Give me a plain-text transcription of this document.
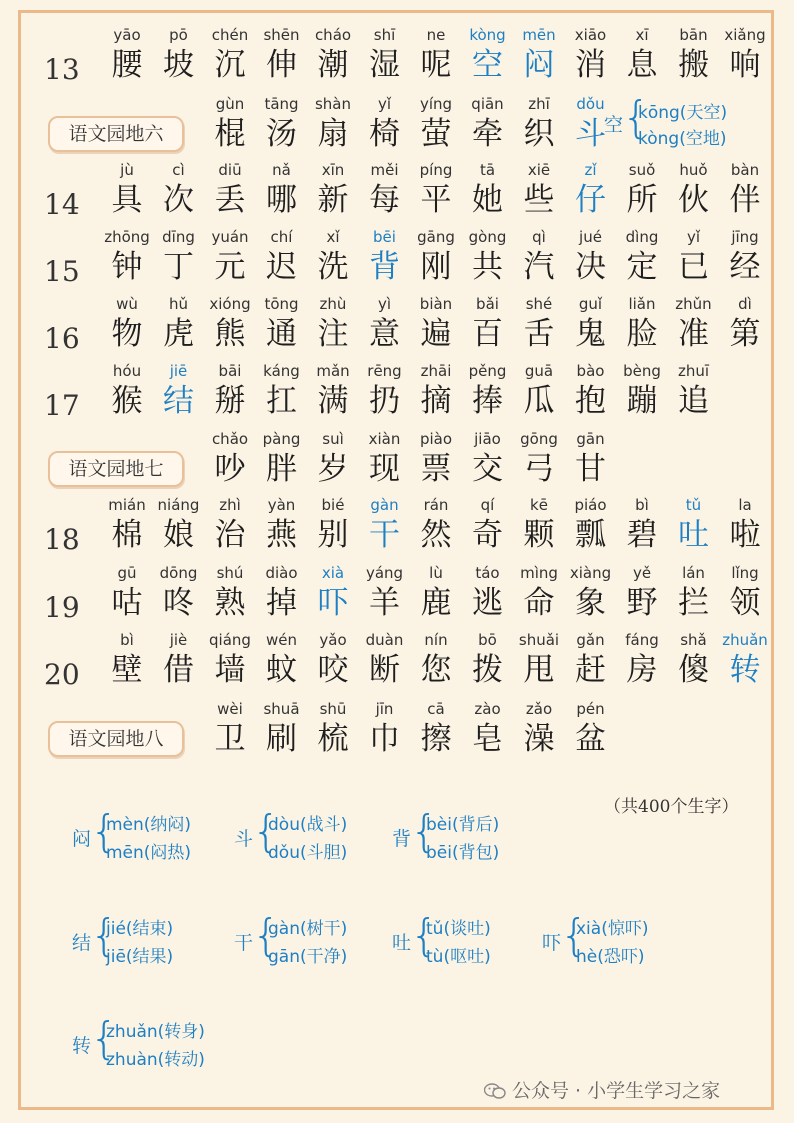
13
yāo
腰
pō
坡
chén
沉
shēn
伸
cháo
潮
shī
湿
ne
呢
kòng
空
mēn
闷
xiāo
消
xī
息
bān
搬
xiǎng
响
语文园地六
gùn
棍
tāng
汤
shàn
扇
yǐ
椅
yíng
萤
qiān
牵
zhī
织
dǒu
斗
14
jù
具
cì
次
diū
丢
nǎ
哪
xīn
新
měi
每
píng
平
tā
她
xiē
些
zǐ
仔
suǒ
所
huǒ
伙
bàn
伴
15
zhōng
钟
dīng
丁
yuán
元
chí
迟
xǐ
洗
bēi
背
gāng
刚
gòng
共
qì
汽
jué
决
dìng
定
yǐ
已
jīng
经
16
wù
物
hǔ
虎
xióng
熊
tōng
通
zhù
注
yì
意
biàn
遍
bǎi
百
shé
舌
guǐ
鬼
liǎn
脸
zhǔn
准
dì
第
17
hóu
猴
jiē
结
bāi
掰
káng
扛
mǎn
满
rēng
扔
zhāi
摘
pěng
捧
guā
瓜
bào
抱
bèng
蹦
zhuī
追
语文园地七
chǎo
吵
pàng
胖
suì
岁
xiàn
现
piào
票
jiāo
交
gōng
弓
gān
甘
18
mián
棉
niáng
娘
zhì
治
yàn
燕
bié
别
gàn
干
rán
然
qí
奇
kē
颗
piáo
瓢
bì
碧
tǔ
吐
la
啦
19
gū
咕
dōng
咚
shú
熟
diào
掉
xià
吓
yáng
羊
lù
鹿
táo
逃
mìng
命
xiàng
象
yě
野
lán
拦
lǐng
领
20
bì
壁
jiè
借
qiáng
墙
wén
蚊
yǎo
咬
duàn
断
nín
您
bō
拨
shuǎi
甩
gǎn
赶
fáng
房
shǎ
傻
zhuǎn
转
语文园地八
wèi
卫
shuā
刷
shū
梳
jīn
巾
cā
擦
zào
皂
zǎo
澡
pén
盆
空
{
kōng(天空)
kòng(空地)
（共400个生字）
闷
{
mèn(纳闷)
mēn(闷热)
斗
{
dòu(战斗)
dǒu(斗胆)
背
{
bèi(背后)
bēi(背包)
结
{
jié(结束)
jiē(结果)
干
{
gàn(树干)
gān(干净)
吐
{
tǔ(谈吐)
tù(呕吐)
吓
{
xià(惊吓)
hè(恐吓)
转
{
zhuǎn(转身)
zhuàn(转动)
公众号 · 小学生学习之家
